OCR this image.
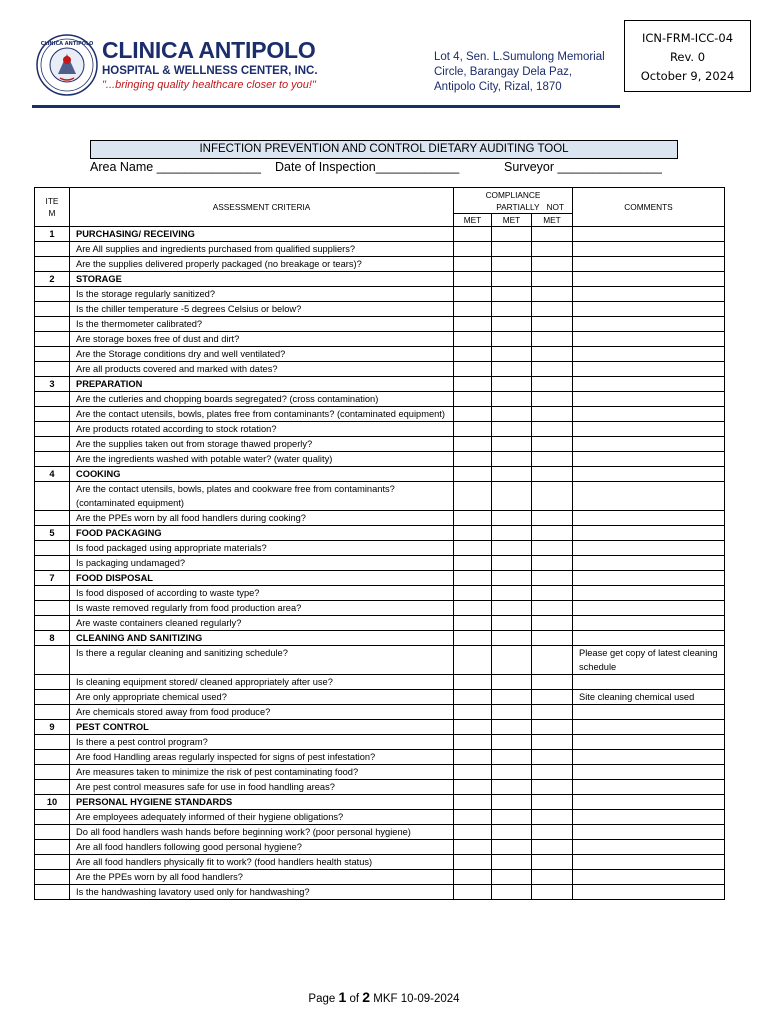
CLINICA ANTIPOLO CLINICA ANTIPOLO
HOSPITAL & WELLNESS CENTER, INC.
"...bringing quality healthcare closer to you!"
Lot 4, Sen. L.Sumulong Memorial
Circle, Barangay Dela Paz,
Antipolo City, Rizal, 1870
ICN-FRM-ICC-04
Rev. 0
October 9, 2024
INFECTION PREVENTION AND CONTROL DIETARY AUDITING TOOL
Area Name _______________ Date of Inspection____________	Surveyor _______________
ITE
M	ASSESSMENT CRITERIA	COMPLIANCE			COMMENTS
			PARTIALLY NOT		
		MET	MET	MET	
1	PURCHASING/ RECEIVING				
	Are All supplies and ingredients purchased from qualified suppliers?				
	Are the supplies delivered properly packaged (no breakage or tears)?				
2	STORAGE				
	Is the storage regularly sanitized?				
	Is the chiller temperature -5 degrees Celsius or below?				
	Is the thermometer calibrated?				
	Are storage boxes free of dust and dirt?				
	Are the Storage conditions dry and well ventilated?				
	Are all products covered and marked with dates?				
3	PREPARATION				
	Are the cutleries and chopping boards segregated? (cross contamination)				
	Are the contact utensils, bowls, plates free from contaminants? (contaminated equipment)				
	Are products rotated according to stock rotation?				
	Are the supplies taken out from storage thawed properly?				
	Are the ingredients washed with potable water? (water quality)				
4	COOKING				
	Are the contact utensils, bowls, plates and cookware free from contaminants? (contaminated equipment)				
	Are the PPEs worn by all food handlers during cooking?				
5	FOOD PACKAGING				
	Is food packaged using appropriate materials?				
	Is packaging undamaged?				
7	FOOD DISPOSAL				
	Is food disposed of according to waste type?				
	Is waste removed regularly from food production area?				
	Are waste containers cleaned regularly?				
8	CLEANING AND SANITIZING				
	Is there a regular cleaning and sanitizing schedule?				Please get copy of latest cleaning schedule
	Is cleaning equipment stored/ cleaned appropriately after use?				
	Are only appropriate chemical used?				Site cleaning chemical used
	Are chemicals stored away from food produce?				
9	PEST CONTROL				
	Is there a pest control program?				
	Are food Handling areas regularly inspected for signs of pest infestation?				
	Are measures taken to minimize the risk of pest contaminating food?				
	Are pest control measures safe for use in food handling areas?				
10	PERSONAL HYGIENE STANDARDS				
	Are employees adequately informed of their hygiene obligations?				
	Do all food handlers wash hands before beginning work? (poor personal hygiene)				
	Are all food handlers following good personal hygiene?				
	Are all food handlers physically fit to work? (food handlers health status)				
	Are the PPEs worn by all food handlers?				
	Is the handwashing lavatory used only for handwashing?				
Page 1 of 2 MKF 10-09-2024
